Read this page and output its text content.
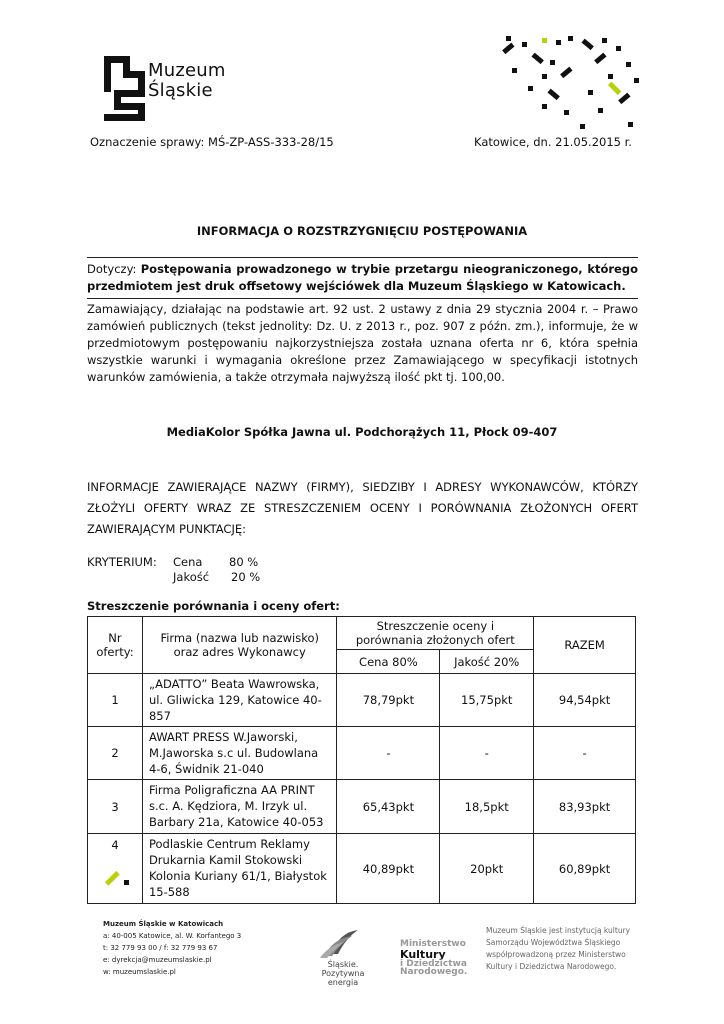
Muzeum
Śląskie
Oznaczenie sprawy: MŚ-ZP-ASS-333-28/15	Katowice, dn. 21.05.2015 r.
INFORMACJA O ROZSTRZYGNIĘCIU POSTĘPOWANIA
Dotyczy: Postępowania prowadzonego w trybie przetargu nieograniczonego, którego przedmiotem jest druk offsetowy wejściówek dla Muzeum Śląskiego w Katowicach.
Zamawiający, działając na podstawie art. 92 ust. 2 ustawy z dnia 29 stycznia 2004 r. – Prawo zamówień publicznych (tekst jednolity: Dz. U. z 2013 r., poz. 907 z późn. zm.), informuje, że w przedmiotowym postępowaniu najkorzystniejsza została uznana oferta nr 6, która spełnia wszystkie warunki i wymagania określone przez Zamawiającego w specyfikacji istotnych warunków zamówienia, a także otrzymała najwyższą ilość pkt tj. 100,00.
MediaKolor Spółka Jawna ul. Podchorążych 11, Płock 09-407
INFORMACJE ZAWIERAJĄCE NAZWY (FIRMY), SIEDZIBY I ADRESY WYKONAWCÓW, KTÓRZY ZŁOŻYLI OFERTY WRAZ ZE STRESZCZENIEM OCENY I PORÓWNANIA ZŁOŻONYCH OFERT ZAWIERAJĄCYM PUNKTACJĘ:
KRYTERIUM: Cena 80 %
Jakość 20 %
Streszczenie porównania i oceny ofert:
Nr oferty:	Firma (nazwa lub nazwisko) oraz adres Wykonawcy	Streszczenie oceny i porównania złożonych ofert		RAZEM
		Cena 80%	Jakość 20%	
1	„ADATTO” Beata Wawrowska, ul. Gliwicka 129, Katowice 40-857	78,79pkt	15,75pkt	94,54pkt
2	AWART PRESS W.Jaworski, M.Jaworska s.c ul. Budowlana 4-6, Świdnik 21-040	-	-	-
3	Firma Poligraficzna AA PRINT s.c. A. Kędziora, M. Irzyk ul. Barbary 21a, Katowice 40-053	65,43pkt	18,5pkt	83,93pkt
4	Podlaskie Centrum Reklamy Drukarnia Kamil Stokowski Kolonia Kuriany 61/1, Białystok 15-588	40,89pkt	20pkt	60,89pkt
Muzeum Śląskie w Katowicach
a: 40-005 Katowice, al. W. Korfantego 3
t: 32 779 93 00 / f: 32 779 93 67
e: dyrekcja@muzeumslaskie.pl
w: muzeumslaskie.pl
Śląskie.
Pozytywna energia
Ministerstwo
Kultury
i Dziedzictwa
Narodowego.
Muzeum Śląskie jest instytucją kultury
Samorządu Województwa Śląskiego
współprowadzoną przez Ministerstwo
Kultury i Dziedzictwa Narodowego.
